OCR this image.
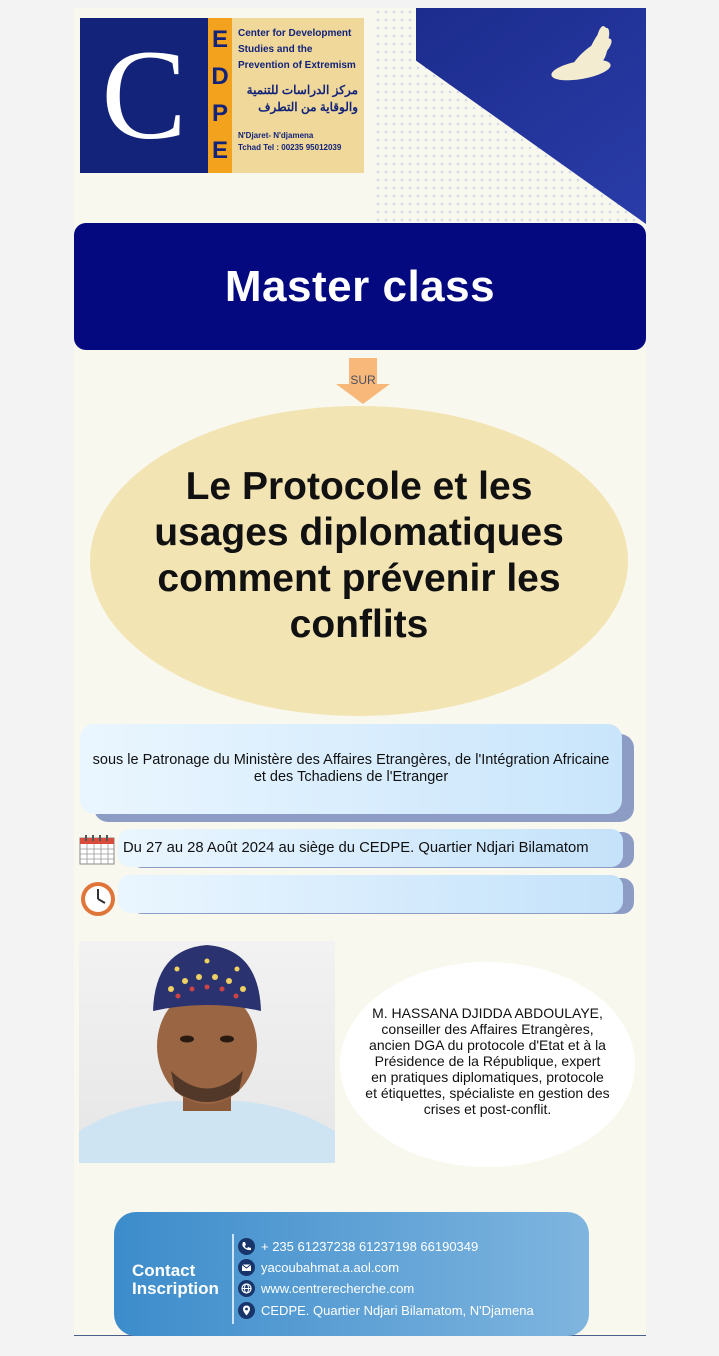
C	E
D
P
E
Center for Development Studies and the Prevention of Extremism
مركز الدراسات للتنمية والوقاية من التطرف
N'Djaret- N'djamena
Tchad Tel : 00235 95012039
Master class
SUR
Le Protocole et les usages diplomatiques comment prévenir les conflits
sous le Patronage du Ministère des Affaires Etrangères, de l'Intégration Africaine et des Tchadiens de l'Etranger
Du 27 au 28 Août 2024 au siège du CEDPE. Quartier Ndjari Bilamatom
M. HASSANA DJIDDA ABDOULAYE, conseiller des Affaires Etrangères, ancien DGA du protocole d'Etat et à la Présidence de la République, expert en pratiques diplomatiques, protocole et étiquettes, spécialiste en gestion des crises et post-conflit.
Contact
Inscription
+ 235 61237238 61237198 66190349
yacoubahmat.a.aol.com
www.centrerecherche.com
CEDPE. Quartier Ndjari Bilamatom, N'Djamena
